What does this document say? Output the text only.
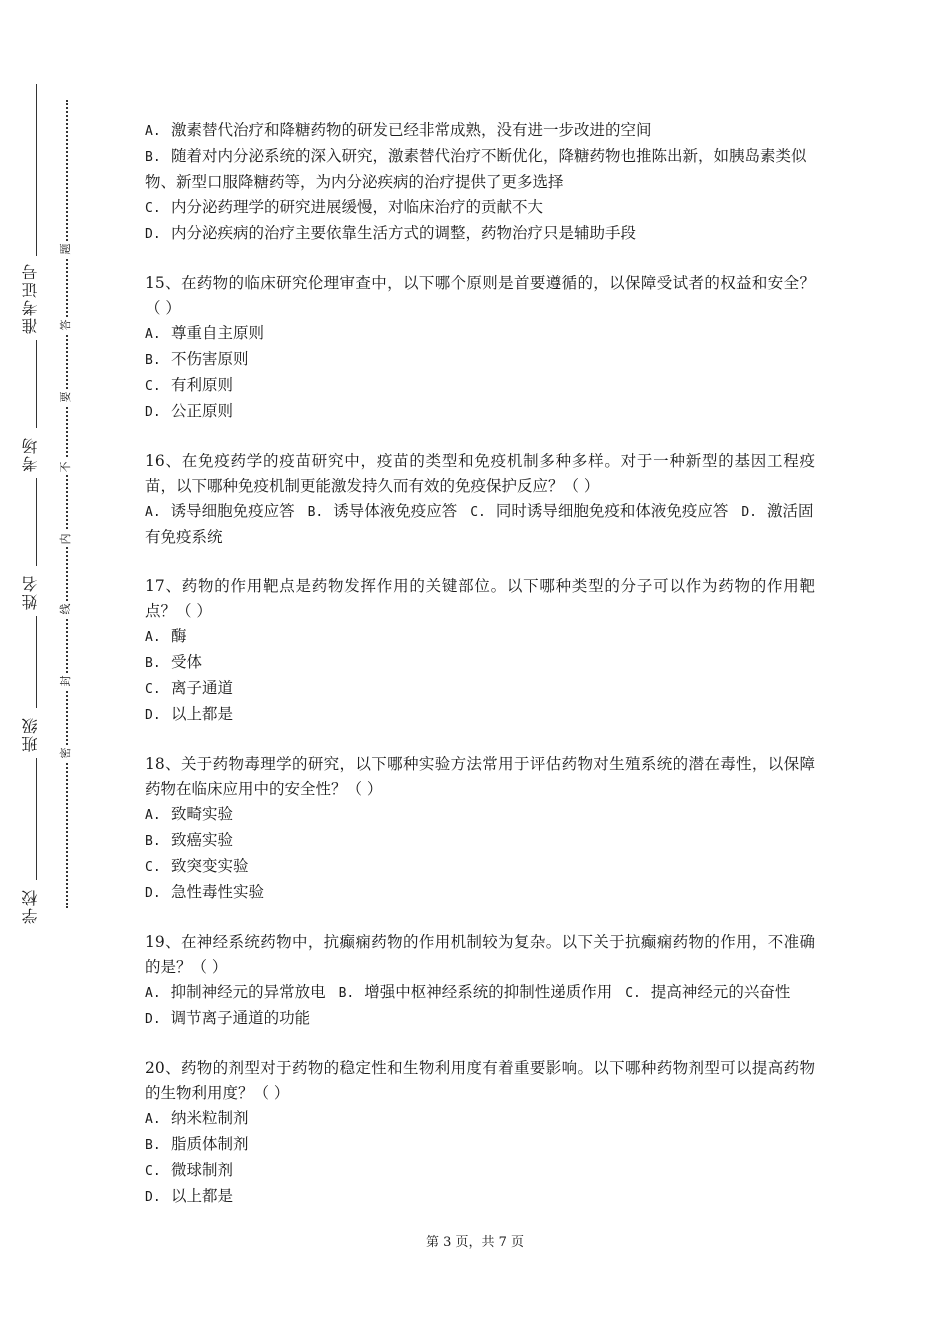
准考证号
考场
姓名
班级
学校
题
答
要
不
内
线
封
密

A. 激素替代治疗和降糖药物的研发已经非常成熟，没有进一步改进的空间

B. 随着对内分泌系统的深入研究，激素替代治疗不断优化，降糖药物也推陈出新，如胰岛素类似物、新型口服降糖药等，为内分泌疾病的治疗提供了更多选择

C. 内分泌药理学的研究进展缓慢，对临床治疗的贡献不大

D. 内分泌疾病的治疗主要依靠生活方式的调整，药物治疗只是辅助手段

15、在药物的临床研究伦理审查中，以下哪个原则是首要遵循的，以保障受试者的权益和安全？（ ）

A. 尊重自主原则

B. 不伤害原则

C. 有利原则

D. 公正原则

16、在免疫药学的疫苗研究中，疫苗的类型和免疫机制多种多样。对于一种新型的基因工程疫苗，以下哪种免疫机制更能激发持久而有效的免疫保护反应？（ ）

A. 诱导细胞免疫应答 B. 诱导体液免疫应答 C. 同时诱导细胞免疫和体液免疫应答 D. 激活固有免疫系统

17、药物的作用靶点是药物发挥作用的关键部位。以下哪种类型的分子可以作为药物的作用靶点？（ ）

A. 酶

B. 受体

C. 离子通道

D. 以上都是

18、关于药物毒理学的研究，以下哪种实验方法常用于评估药物对生殖系统的潜在毒性，以保障药物在临床应用中的安全性？（ ）

A. 致畸实验

B. 致癌实验

C. 致突变实验

D. 急性毒性实验

19、在神经系统药物中，抗癫痫药物的作用机制较为复杂。以下关于抗癫痫药物的作用，不准确的是？（ ）

A. 抑制神经元的异常放电 B. 增强中枢神经系统的抑制性递质作用 C. 提高神经元的兴奋性 D. 调节离子通道的功能

20、药物的剂型对于药物的稳定性和生物利用度有着重要影响。以下哪种药物剂型可以提高药物的生物利用度？（ ）

A. 纳米粒制剂

B. 脂质体制剂

C. 微球制剂

D. 以上都是

第 3 页，共 7 页
